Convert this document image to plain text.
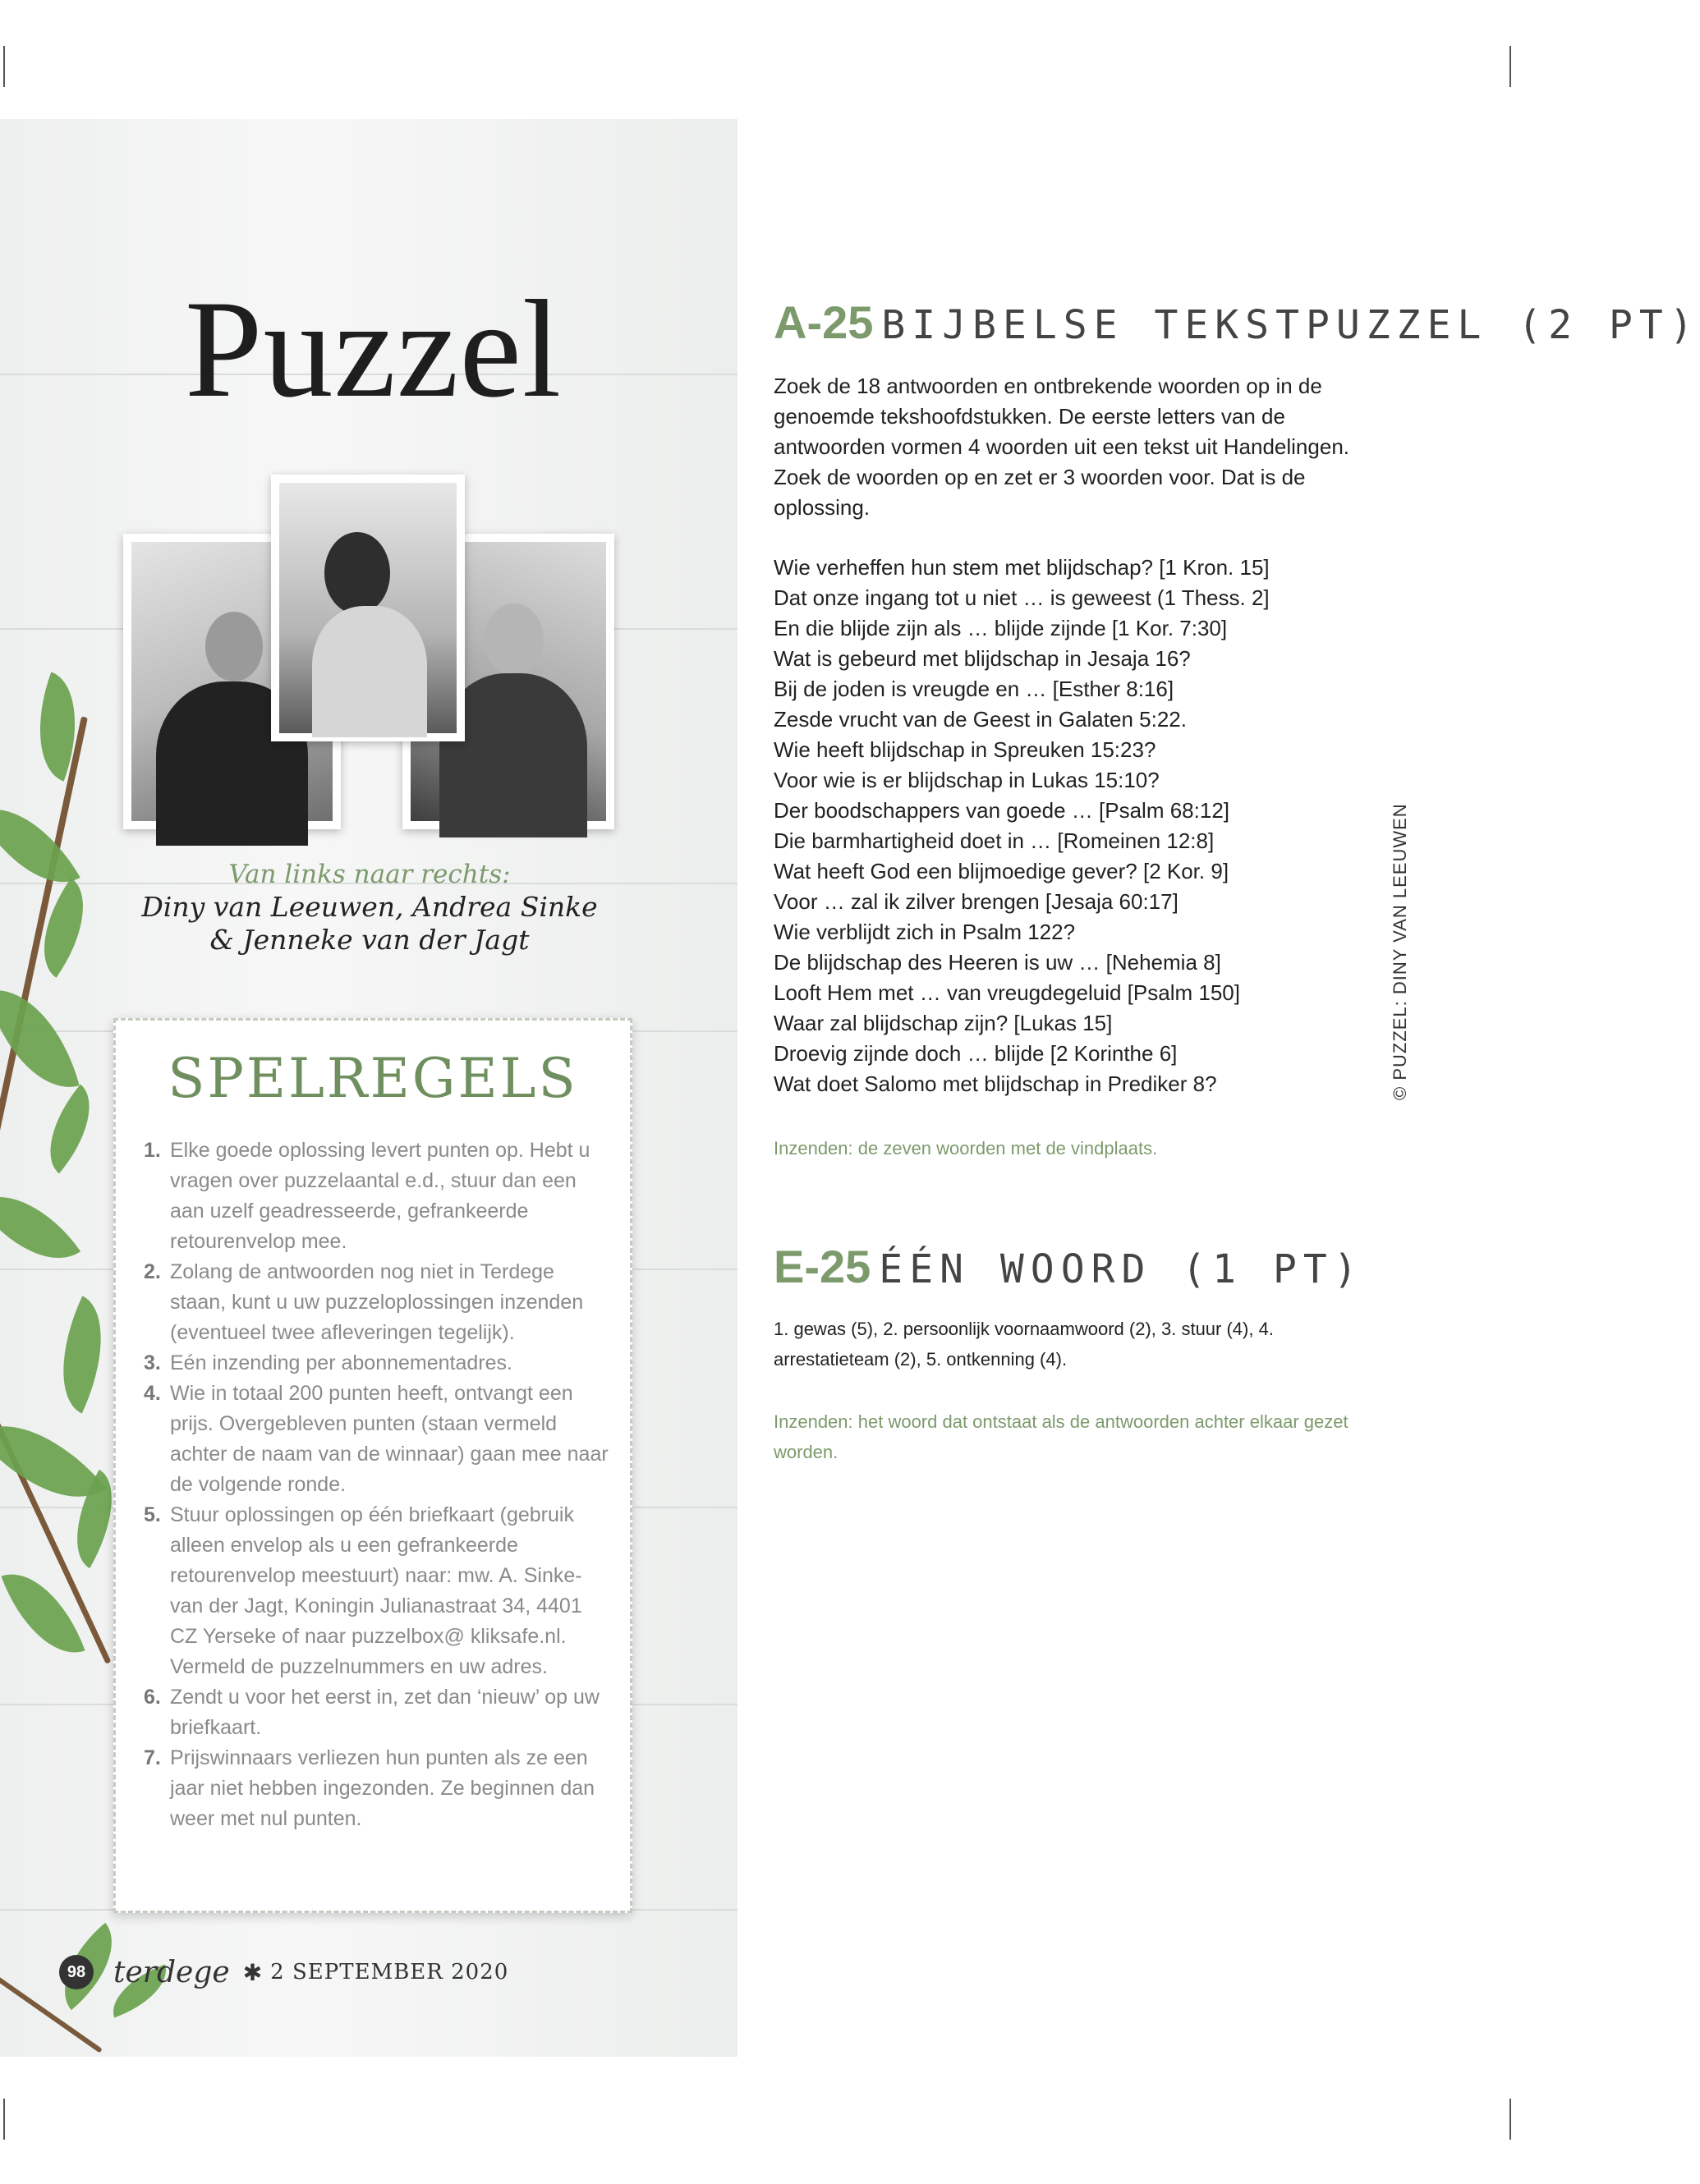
Puzzel
Van links naar rechts:
Diny van Leeuwen, Andrea Sinke
& Jenneke van der Jagt
SPELREGELS
1. Elke goede oplossing levert punten op. Hebt u vragen over puzzelaantal e.d., stuur dan een aan uzelf geadresseerde, gefrankeerde retourenvelop mee.
2. Zolang de antwoorden nog niet in Terdege staan, kunt u uw puzzeloplossingen inzenden (eventueel twee afleveringen tegelijk).
3. Eén inzending per abonnementadres.
4. Wie in totaal 200 punten heeft, ontvangt een prijs. Overgebleven punten (staan vermeld achter de naam van de winnaar) gaan mee naar de volgende ronde.
5. Stuur oplossingen op één briefkaart (gebruik alleen envelop als u een gefrankeerde retourenvelop meestuurt) naar: mw. A. Sinke-van der Jagt, Koningin Julianastraat 34, 4401 CZ Yerseke of naar puzzelbox@ kliksafe.nl. Vermeld de puzzelnummers en uw adres.
6. Zendt u voor het eerst in, zet dan ‘nieuw’ op uw briefkaart.
7. Prijswinnaars verliezen hun punten als ze een jaar niet hebben ingezonden. Ze beginnen dan weer met nul punten.
98 terdege ✱ 2 SEPTEMBER 2020
A-25 BIJBELSE TEKSTPUZZEL (2 PT)

Zoek de 18 antwoorden en ontbrekende woorden op in de genoemde tekshoofdstukken. De eerste letters van de antwoorden vormen 4 woorden uit een tekst uit Handelingen. Zoek de woorden op en zet er 3 woorden voor. Dat is de oplossing.

Wie verheffen hun stem met blijdschap? [1 Kron. 15]
Dat onze ingang tot u niet … is geweest (1 Thess. 2]
En die blijde zijn als … blijde zijnde [1 Kor. 7:30]
Wat is gebeurd met blijdschap in Jesaja 16?
Bij de joden is vreugde en … [Esther 8:16]
Zesde vrucht van de Geest in Galaten 5:22.
Wie heeft blijdschap in Spreuken 15:23?
Voor wie is er blijdschap in Lukas 15:10?
Der boodschappers van goede … [Psalm 68:12]
Die barmhartigheid doet in … [Romeinen 12:8]
Wat heeft God een blijmoedige gever? [2 Kor. 9]
Voor … zal ik zilver brengen [Jesaja 60:17]
Wie verblijdt zich in Psalm 122?
De blijdschap des Heeren is uw … [Nehemia 8]
Looft Hem met … van vreugdegeluid [Psalm 150]
Waar zal blijdschap zijn? [Lukas 15]
Droevig zijnde doch … blijde [2 Korinthe 6]
Wat doet Salomo met blijdschap in Prediker 8?

Inzenden: de zeven woorden met de vindplaats.

E-25 ÉÉN WOORD (1 PT)

1. gewas (5), 2. persoonlijk voornaamwoord (2), 3. stuur (4), 4. arrestatieteam (2), 5. ontkenning (4).

Inzenden: het woord dat ontstaat als de antwoorden achter elkaar gezet worden.

© PUZZEL: DINY VAN LEEUWEN
